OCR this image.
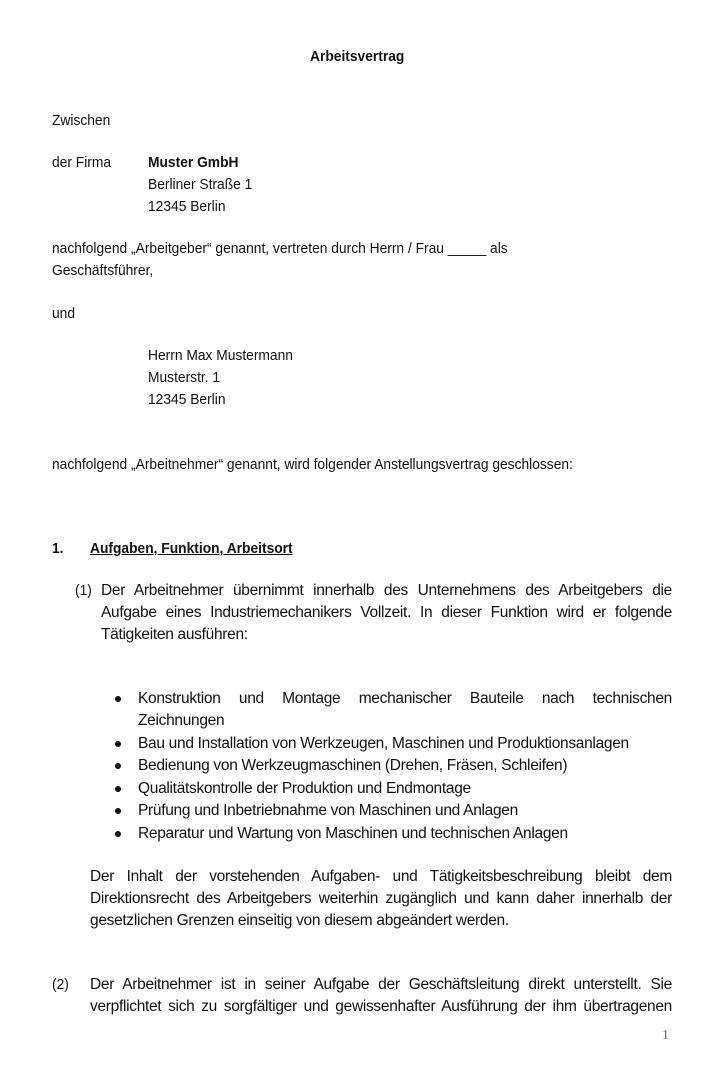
Arbeitsvertrag
Zwischen
der Firma Muster GmbH
Berliner Straße 1
12345 Berlin
nachfolgend „Arbeitgeber“ genannt, vertreten durch Herrn / Frau _____ als
Geschäftsführer,
und
Herrn Max Mustermann
Musterstr. 1
12345 Berlin
nachfolgend „Arbeitnehmer“ genannt, wird folgender Anstellungsvertrag geschlossen:
1. Aufgaben, Funktion, Arbeitsort
(1) Der Arbeitnehmer übernimmt innerhalb des Unternehmens des Arbeitgebers die
Aufgabe eines Industriemechanikers Vollzeit. In dieser Funktion wird er folgende
Tätigkeiten ausführen:
Konstruktion und Montage mechanischer Bauteile nach technischen
Zeichnungen
Bau und Installation von Werkzeugen, Maschinen und Produktionsanlagen
Bedienung von Werkzeugmaschinen (Drehen, Fräsen, Schleifen)
Qualitätskontrolle der Produktion und Endmontage
Prüfung und Inbetriebnahme von Maschinen und Anlagen
Reparatur und Wartung von Maschinen und technischen Anlagen
Der Inhalt der vorstehenden Aufgaben- und Tätigkeitsbeschreibung bleibt dem
Direktionsrecht des Arbeitgebers weiterhin zugänglich und kann daher innerhalb der
gesetzlichen Grenzen einseitig von diesem abgeändert werden.
(2) Der Arbeitnehmer ist in seiner Aufgabe der Geschäftsleitung direkt unterstellt. Sie
verpflichtet sich zu sorgfältiger und gewissenhafter Ausführung der ihm übertragenen
1
